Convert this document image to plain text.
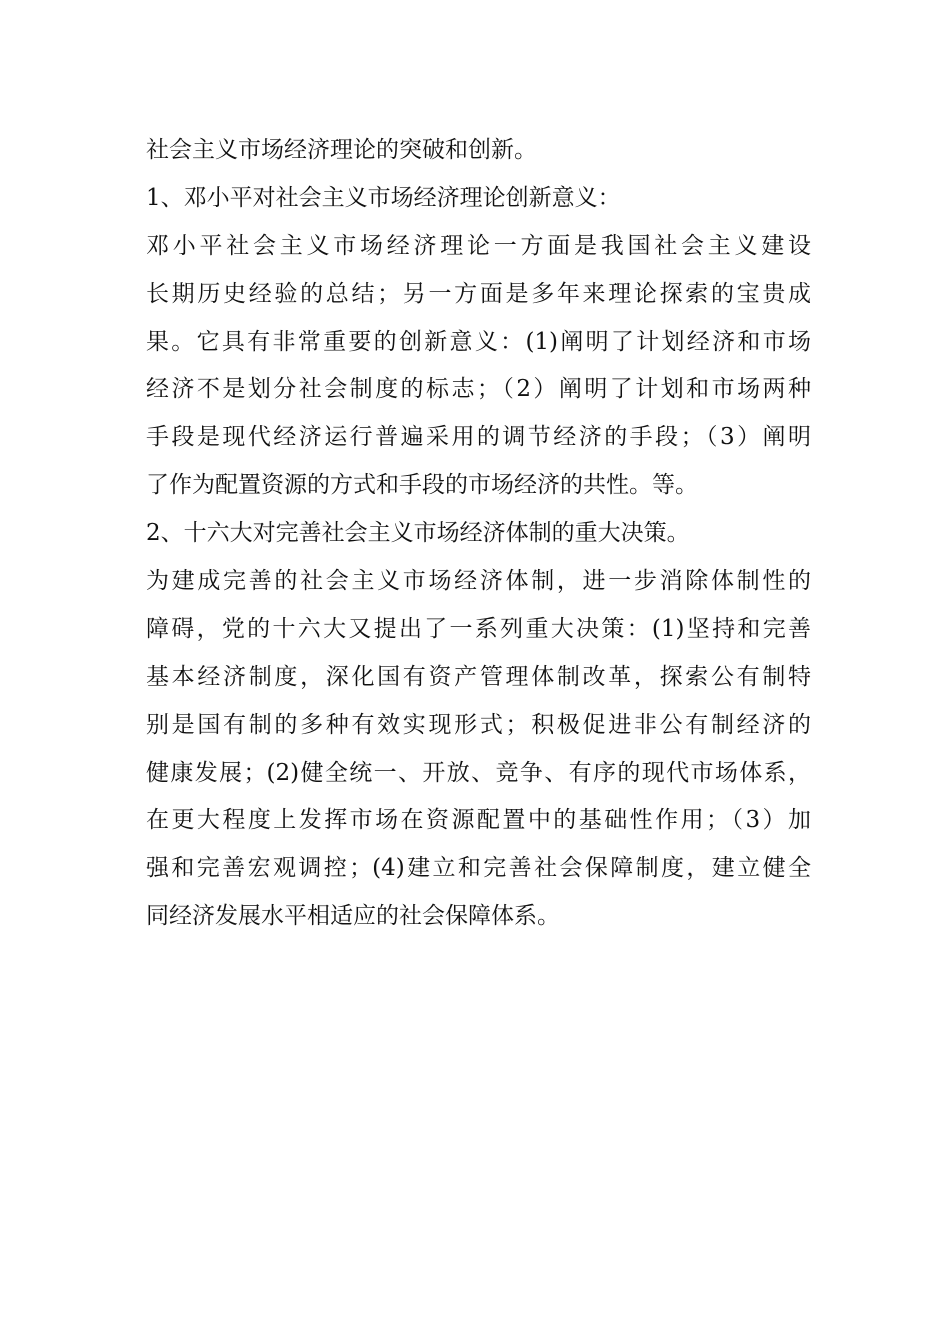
社会主义市场经济理论的突破和创新。
1、邓小平对社会主义市场经济理论创新意义：
邓小平社会主义市场经济理论一方面是我国社会主义建设
长期历史经验的总结；另一方面是多年来理论探索的宝贵成
果。它具有非常重要的创新意义：(1)阐明了计划经济和市场
经济不是划分社会制度的标志；（2）阐明了计划和市场两种
手段是现代经济运行普遍采用的调节经济的手段；（3）阐明
了作为配置资源的方式和手段的市场经济的共性。等。
2、十六大对完善社会主义市场经济体制的重大决策。
为建成完善的社会主义市场经济体制，进一步消除体制性的
障碍，党的十六大又提出了一系列重大决策：(1)坚持和完善
基本经济制度，深化国有资产管理体制改革，探索公有制特
别是国有制的多种有效实现形式；积极促进非公有制经济的
健康发展；(2)健全统一、开放、竞争、有序的现代市场体系，
在更大程度上发挥市场在资源配置中的基础性作用；（3）加
强和完善宏观调控；(4)建立和完善社会保障制度，建立健全
同经济发展水平相适应的社会保障体系。
